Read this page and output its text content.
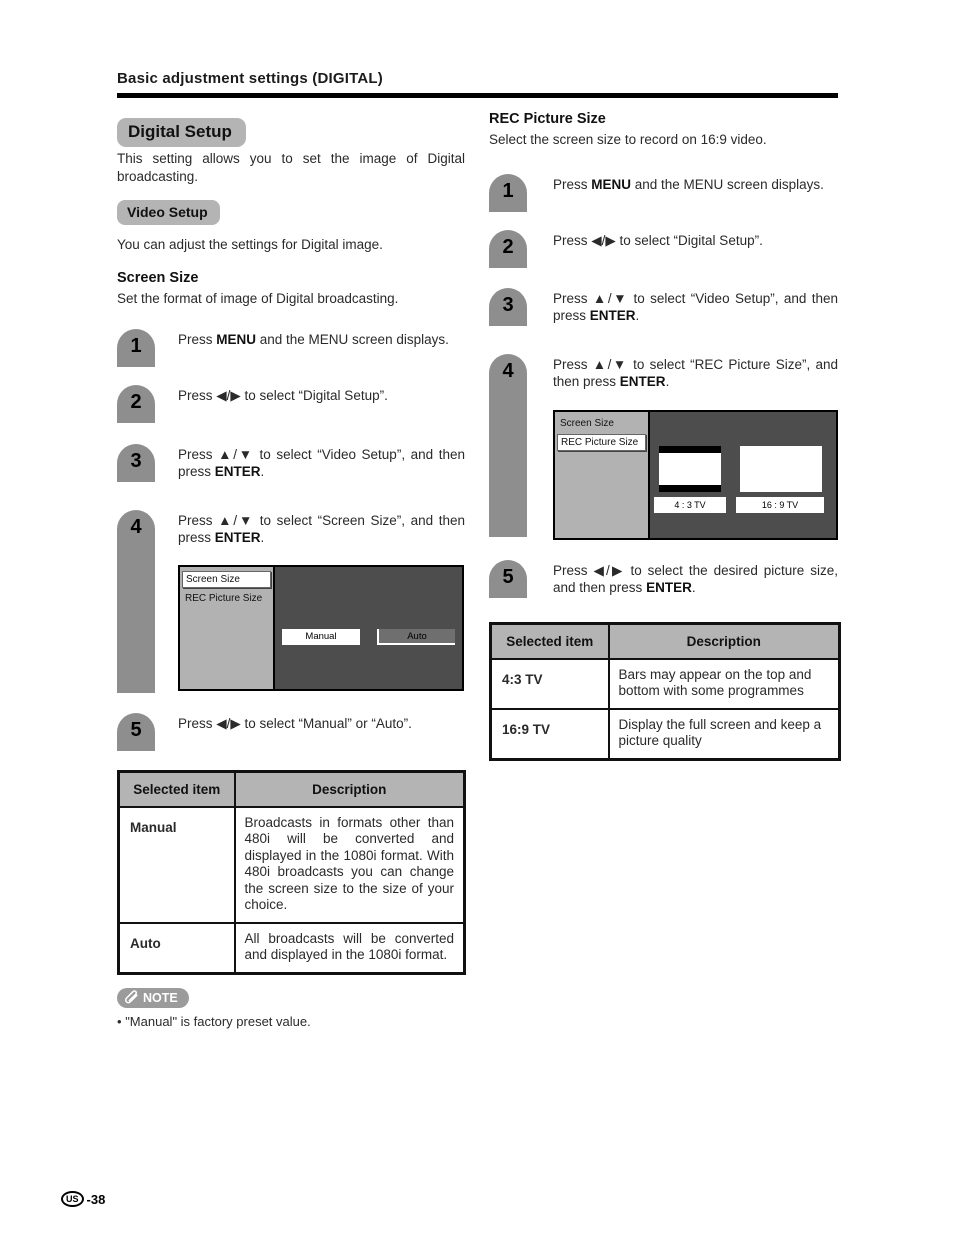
Basic adjustment settings (DIGITAL)
Digital Setup
This setting allows you to set the image of Digital broadcasting.
Video Setup
You can adjust the settings for Digital image.
Screen Size
Set the format of image of Digital broadcasting.
1	Press MENU and the MENU screen displays.
2	Press ◀/▶ to select “Digital Setup”.
3	Press ▲/▼ to select “Video Setup”, and then press ENTER.
4	Press ▲/▼ to select “Screen Size”, and then press ENTER.
Screen Size
REC Picture Size
Manual	Auto
5	Press ◀/▶ to select “Manual” or “Auto”.
Selected item	Description
Manual	Broadcasts in formats other than 480i will be converted and displayed in the 1080i format. With 480i broadcasts you can change the screen size to the size of your choice.
Auto	All broadcasts will be converted and displayed in the 1080i format.
NOTE
• "Manual" is factory preset value.
REC Picture Size
Select the screen size to record on 16:9 video.
1	Press MENU and the MENU screen displays.
2	Press ◀/▶ to select “Digital Setup”.
3	Press ▲/▼ to select “Video Setup”, and then press ENTER.
4	Press ▲/▼ to select “REC Picture Size”, and then press ENTER.
Screen Size
REC Picture Size
4 : 3 TV	16 : 9 TV
5	Press ◀/▶ to select the desired picture size, and then press ENTER.
Selected item	Description
4:3 TV	Bars may appear on the top and bottom with some programmes
16:9 TV	Display the full screen and keep a picture quality
US -38
